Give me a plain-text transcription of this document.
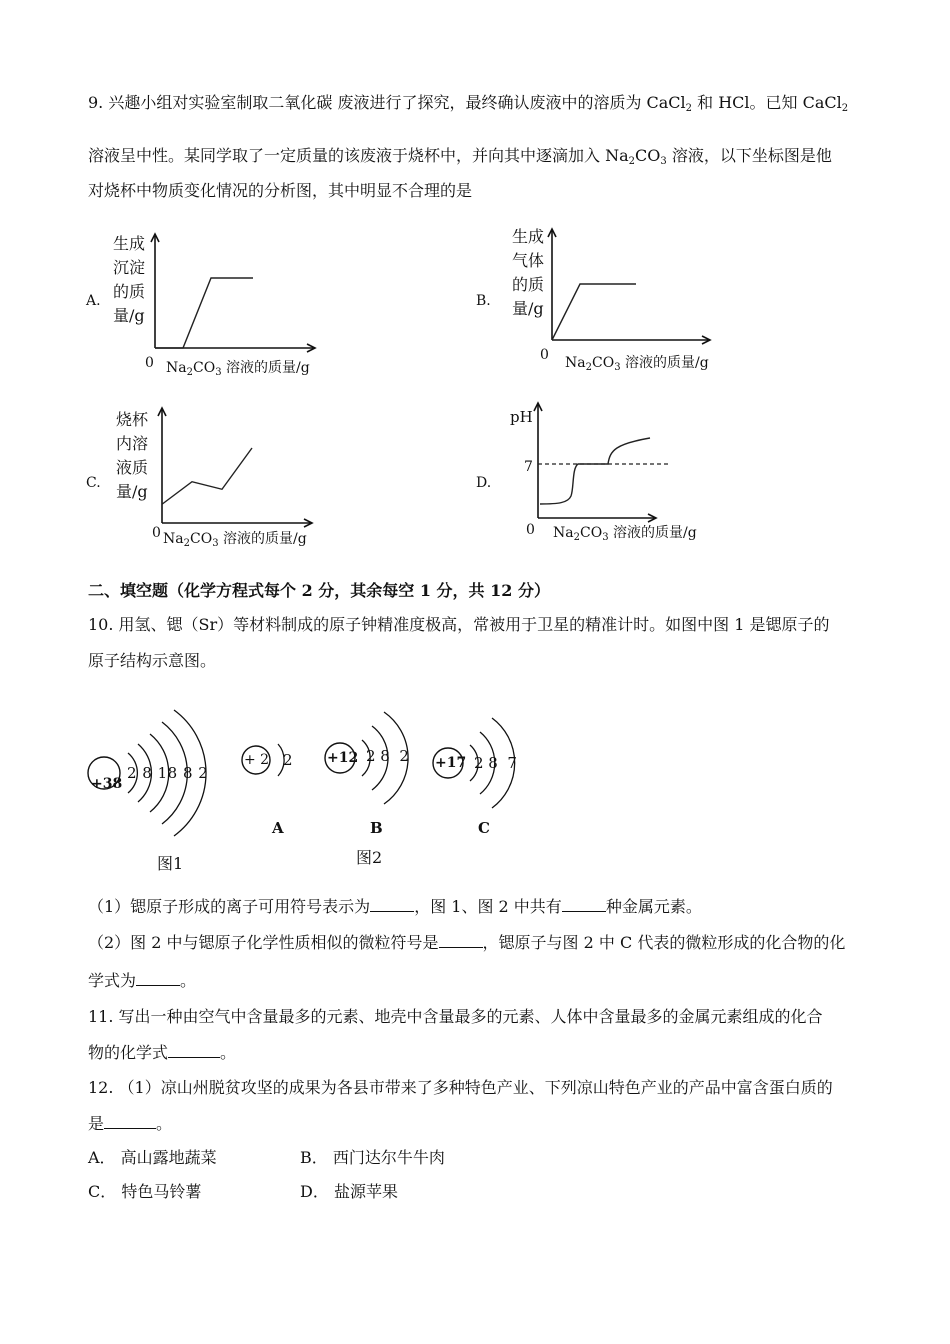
9. 兴趣小组对实验室制取二氧化碳 废液进行了探究，最终确认废液中的溶质为 CaCl$_2$ 和 HCl。已知 CaCl$_2$
溶液呈中性。某同学取了一定质量的该废液于烧杯中，并向其中逐滴加入 $Na_2CO_3$ 溶液，以下坐标图是他
对烧杯中物质变化情况的分析图，其中明显不合理的是
A.
生成
沉淀
的质
量/g
0 $Na_2CO_3$ 溶液的质量/g
B.
生成
气体
的质
量/g
0 $Na_2CO_3$ 溶液的质量/g
C.
烧杯
内溶
液质
量/g
0 $Na_2CO_3$ 溶液的质量/g
D.
pH
7
0 $Na_2CO_3$ 溶液的质量/g
二、填空题（化学方程式每个 2 分，其余每空 1 分，共 12 分）
10. 用氢、锶（Sr）等材料制成的原子钟精准度极高，常被用于卫星的精准计时。如图中图 1 是锶原子的
原子结构示意图。
+38
2 8 18 8 2
图1
+ 2 2
A
+12 2 8  2
B
图2
+17 2 8  7
C
（1）锶原子形成的离子可用符号表示为	，图 1、图 2 中共有	种金属元素。
（2）图 2 中与锶原子化学性质相似的微粒符号是	，锶原子与图 2 中 C 代表的微粒形成的化合物的化
学式为	。
11. 写出一种由空气中含量最多的元素、地壳中含量最多的元素、人体中含量最多的金属元素组成的化合
物的化学式	。
12. （1）凉山州脱贫攻坚的成果为各县市带来了多种特色产业、下列凉山特色产业的产品中富含蛋白质的
是	。
A． 高山露地蔬菜	B． 西门达尔牛牛肉
C． 特色马铃薯	D． 盐源苹果
